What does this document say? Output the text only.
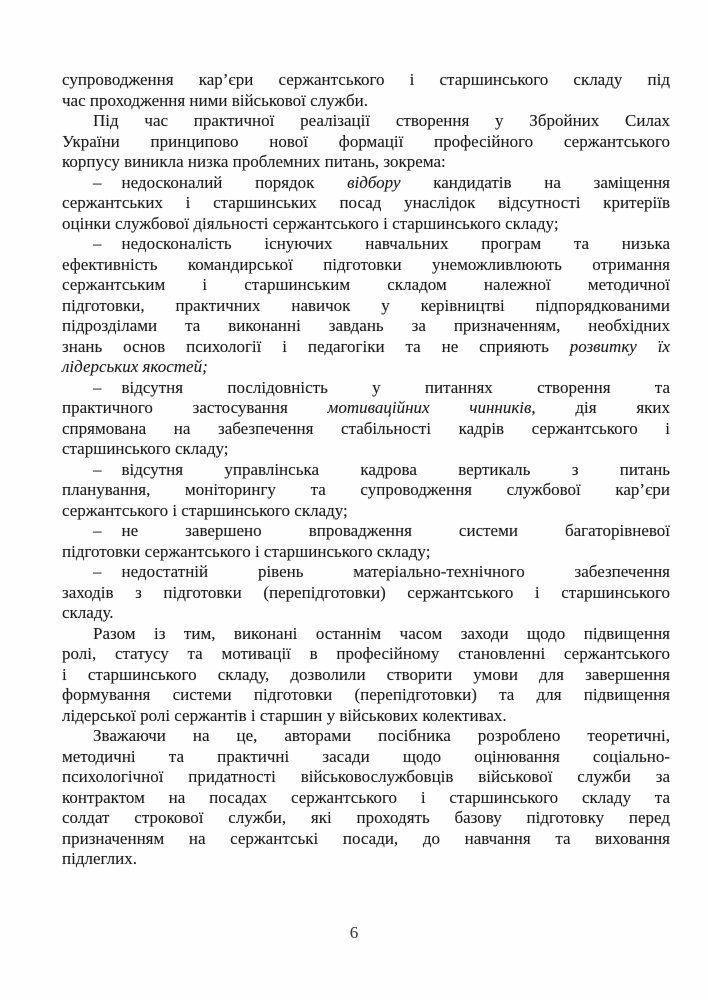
супроводження кар’єри сержантського і старшинського складу під
час проходження ними військової служби.
Під час практичної реалізації створення у Збройних Силах
України принципово нової формації професійного сержантського
корпусу виникла низка проблемних питань, зокрема:
– недосконалий порядок відбору кандидатів на заміщення
сержантських і старшинських посад унаслідок відсутності критеріїв
оцінки службової діяльності сержантського і старшинського складу;
– недосконалість існуючих навчальних програм та низька
ефективність командирської підготовки унеможливлюють отримання
сержантським і старшинським складом належної методичної
підготовки, практичних навичок у керівництві підпорядкованими
підрозділами та виконанні завдань за призначенням, необхідних
знань основ психології і педагогіки та не сприяють розвитку їх
лідерських якостей;
– відсутня послідовність у питаннях створення та
практичного застосування мотиваційних чинників, дія яких
спрямована на забезпечення стабільності кадрів сержантського і
старшинського складу;
– відсутня управлінська кадрова вертикаль з питань
планування, моніторингу та супроводження службової кар’єри
сержантського і старшинського складу;
– не завершено впровадження системи багаторівневої
підготовки сержантського і старшинського складу;
– недостатній рівень матеріально-технічного забезпечення
заходів з підготовки (перепідготовки) сержантського і старшинського
складу.
Разом із тим, виконані останнім часом заходи щодо підвищення
ролі, статусу та мотивації в професійному становленні сержантського
і старшинського складу, дозволили створити умови для завершення
формування системи підготовки (перепідготовки) та для підвищення
лідерської ролі сержантів і старшин у військових колективах.
Зважаючи на це, авторами посібника розроблено теоретичні,
методичні та практичні засади щодо оцінювання соціально-
психологічної придатності військовослужбовців військової служби за
контрактом на посадах сержантського і старшинського складу та
солдат строкової служби, які проходять базову підготовку перед
призначенням на сержантські посади, до навчання та виховання
підлеглих.
6
